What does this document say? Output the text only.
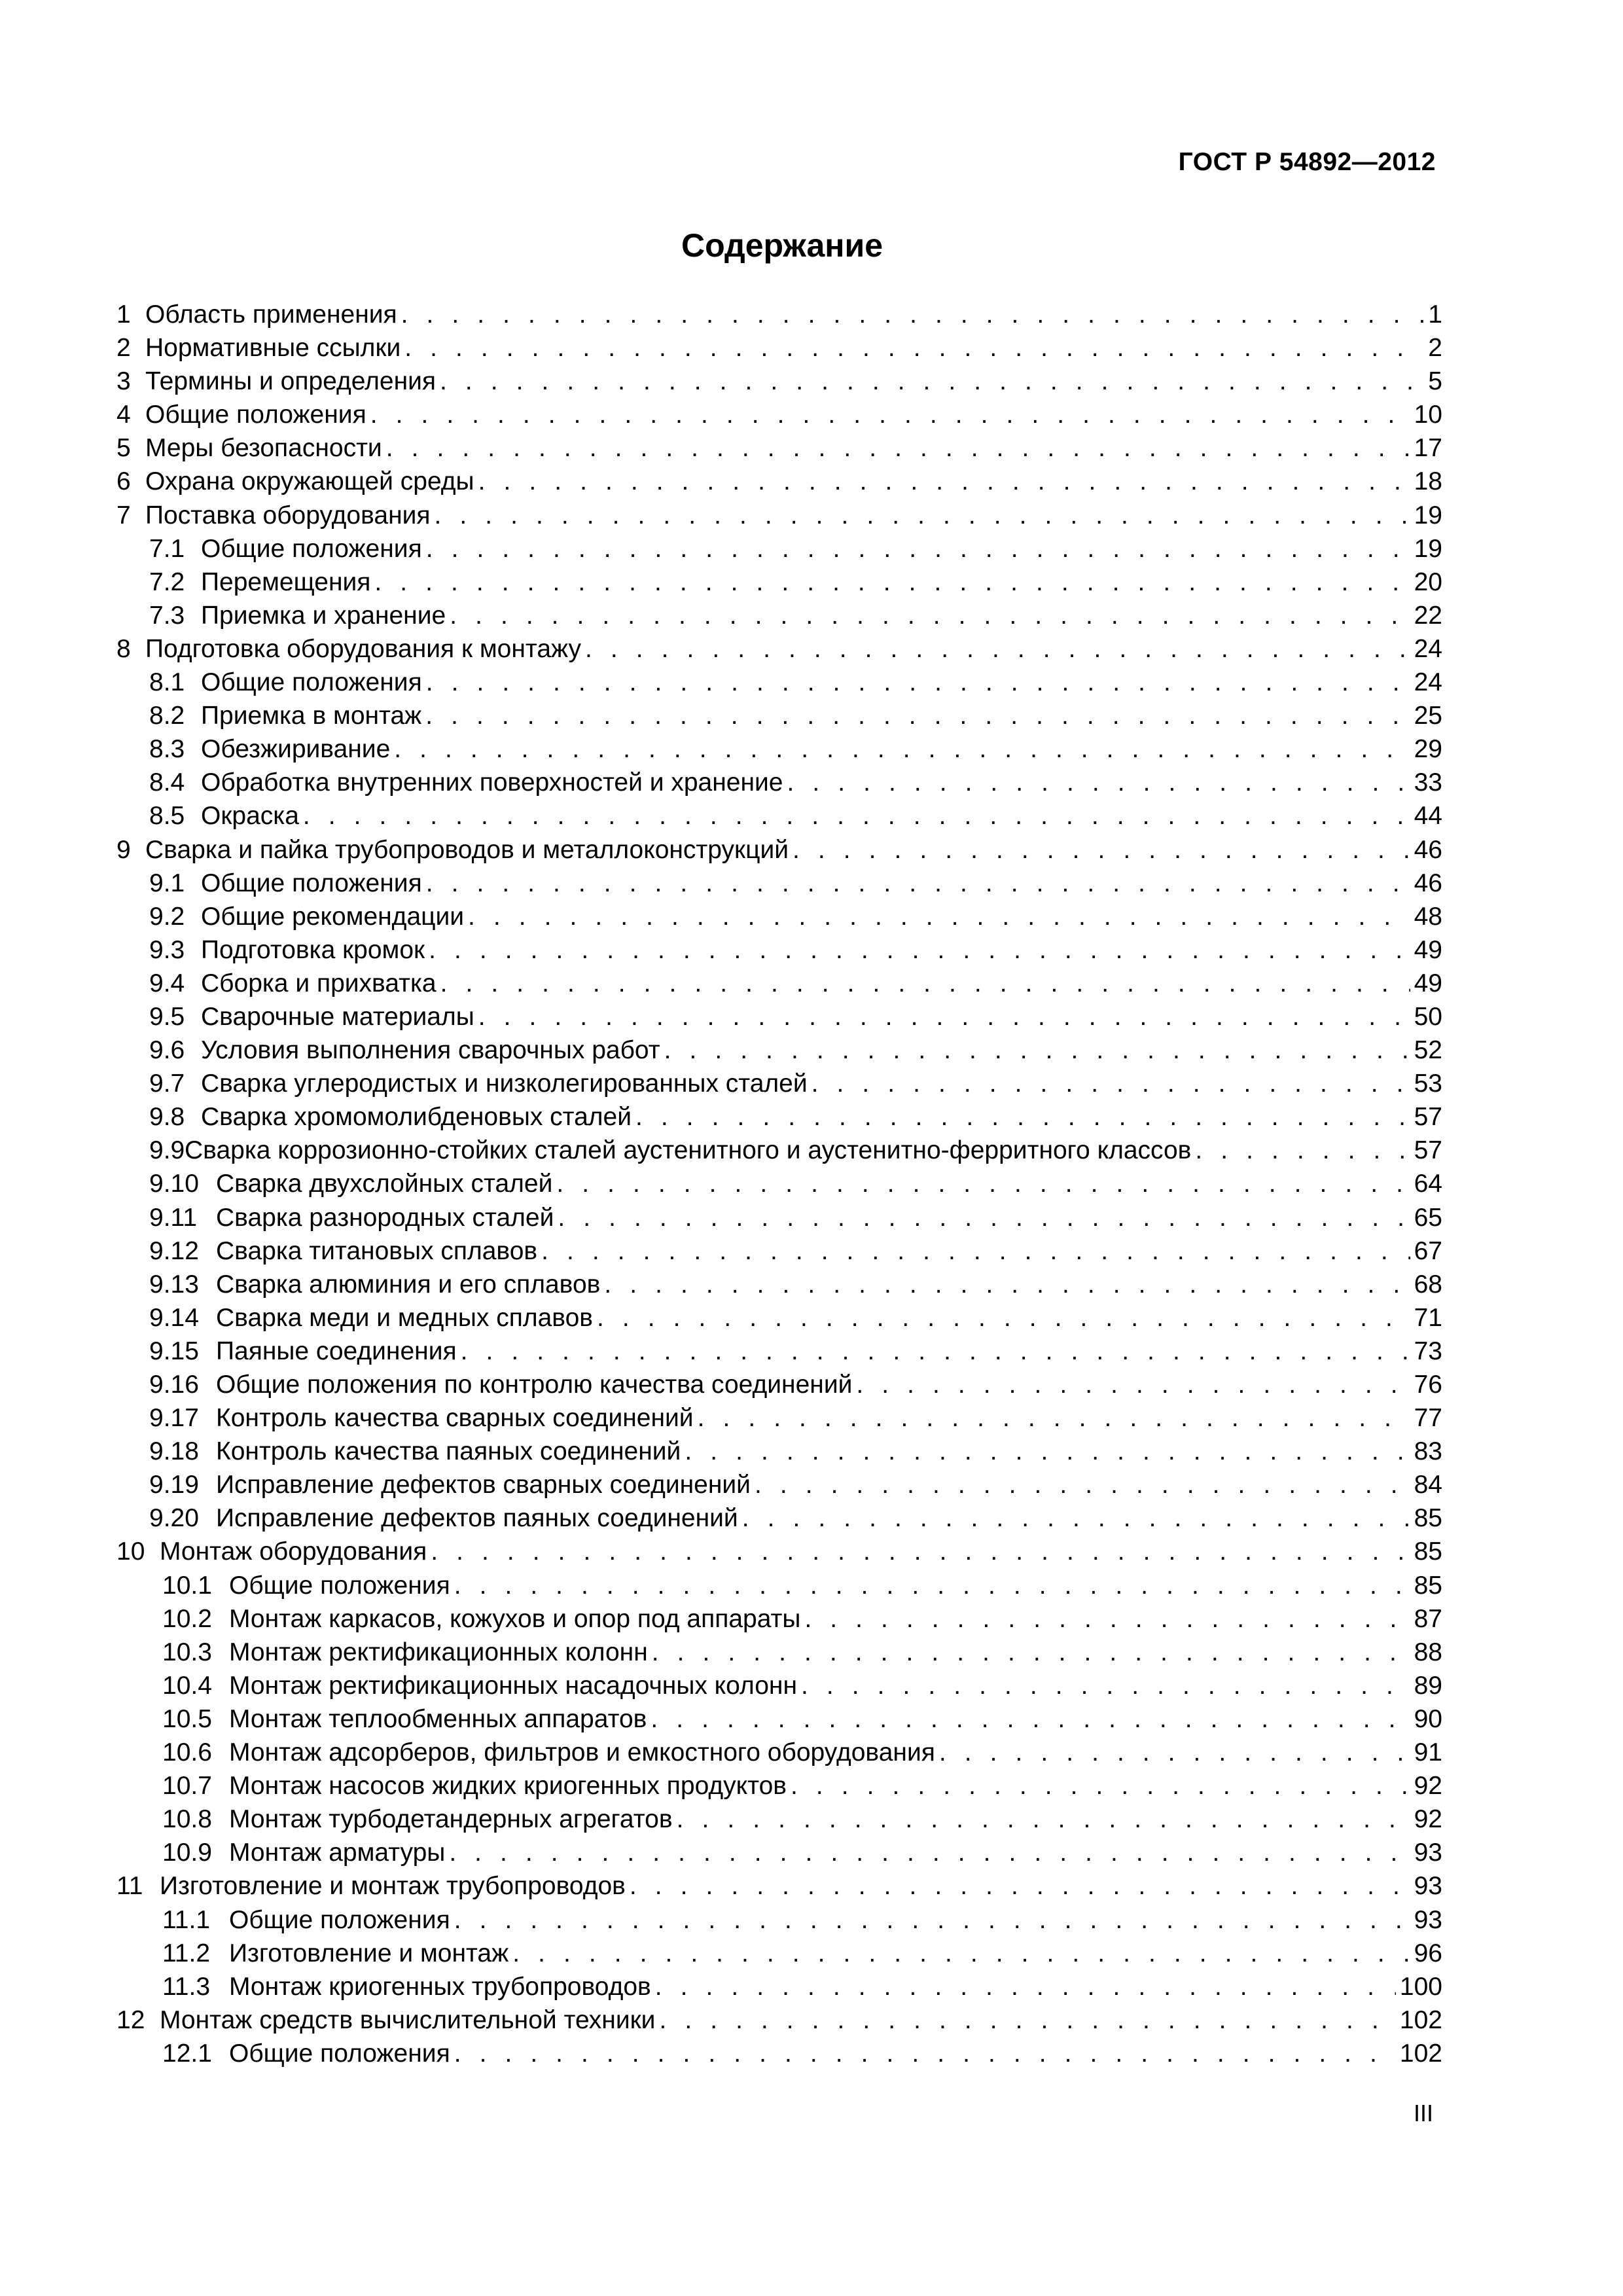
ГОСТ Р 54892—2012
Содержание
1 Область применения . . .	1
2 Нормативные ссылки . . .	2
3 Термины и определения . . .	5
4 Общие положения . . .	10
5 Меры безопасности . . .	17
6 Охрана окружающей среды . . .	18
7 Поставка оборудования . . .	19
7.1 Общие положения . . .	19
7.2 Перемещения . . .	20
7.3 Приемка и хранение . . .	22
8 Подготовка оборудования к монтажу . . .	24
8.1 Общие положения . . .	24
8.2 Приемка в монтаж . . .	25
8.3 Обезжиривание . . .	29
8.4 Обработка внутренних поверхностей и хранение . . .	33
8.5 Окраска . . .	44
9 Сварка и пайка трубопроводов и металлоконструкций . . .	46
9.1 Общие положения . . .	46
9.2 Общие рекомендации . . .	48
9.3 Подготовка кромок . . .	49
9.4 Сборка и прихватка . . .	49
9.5 Сварочные материалы . . .	50
9.6 Условия выполнения сварочных работ . . .	52
9.7 Сварка углеродистых и низколегированных сталей . . .	53
9.8 Сварка хромомолибденовых сталей . . .	57
9.9 Сварка коррозионно-стойких сталей аустенитного и аустенитно-ферритного классов . . .	57
9.10 Сварка двухслойных сталей . . .	64
9.11 Сварка разнородных сталей . . .	65
9.12 Сварка титановых сплавов . . .	67
9.13 Сварка алюминия и его сплавов . . .	68
9.14 Сварка меди и медных сплавов . . .	71
9.15 Паяные соединения . . .	73
9.16 Общие положения по контролю качества соединений . . .	76
9.17 Контроль качества сварных соединений . . .	77
9.18 Контроль качества паяных соединений . . .	83
9.19 Исправление дефектов сварных соединений . . .	84
9.20 Исправление дефектов паяных соединений . . .	85
10 Монтаж оборудования . . .	85
10.1 Общие положения . . .	85
10.2 Монтаж каркасов, кожухов и опор под аппараты . . .	87
10.3 Монтаж ректификационных колонн . . .	88
10.4 Монтаж ректификационных насадочных колонн . . .	89
10.5 Монтаж теплообменных аппаратов . . .	90
10.6 Монтаж адсорберов, фильтров и емкостного оборудования . . .	91
10.7 Монтаж насосов жидких криогенных продуктов . . .	92
10.8 Монтаж турбодетандерных агрегатов . . .	92
10.9 Монтаж арматуры . . .	93
11 Изготовление и монтаж трубопроводов . . .	93
11.1 Общие положения . . .	93
11.2 Изготовление и монтаж . . .	96
11.3 Монтаж криогенных трубопроводов . . .	100
12 Монтаж средств вычислительной техники . . .	102
12.1 Общие положения . . .	102
III
